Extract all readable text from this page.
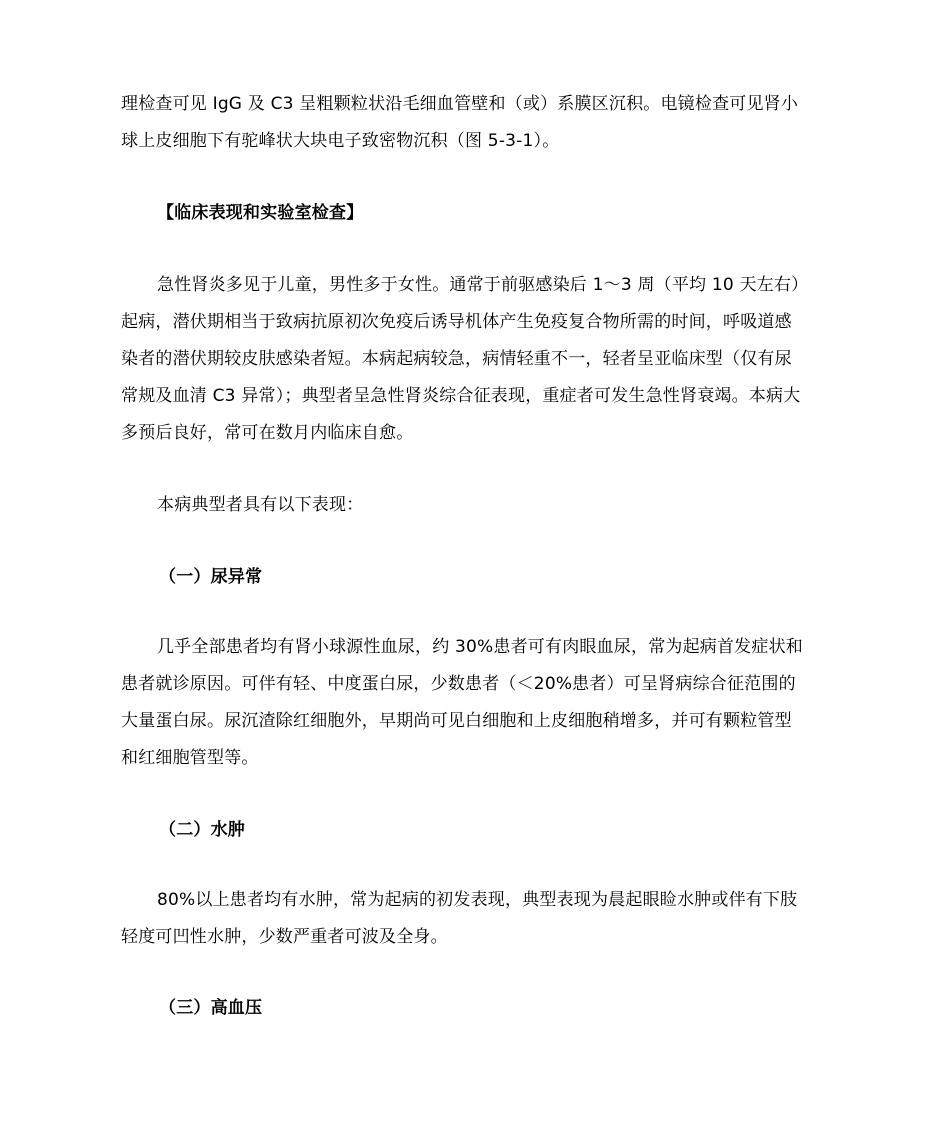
理检查可见 IgG 及 C3 呈粗颗粒状沿毛细血管壁和（或）系膜区沉积。电镜检查可见肾小
球上皮细胞下有驼峰状大块电子致密物沉积（图 5-3-1）。
【临床表现和实验室检查】
急性肾炎多见于儿童，男性多于女性。通常于前驱感染后 1～3 周（平均 10 天左右）
起病，潜伏期相当于致病抗原初次免疫后诱导机体产生免疫复合物所需的时间，呼吸道感
染者的潜伏期较皮肤感染者短。本病起病较急，病情轻重不一，轻者呈亚临床型（仅有尿
常规及血清 C3 异常）；典型者呈急性肾炎综合征表现，重症者可发生急性肾衰竭。本病大
多预后良好，常可在数月内临床自愈。
本病典型者具有以下表现：
（一）尿异常
几乎全部患者均有肾小球源性血尿，约 30%患者可有肉眼血尿，常为起病首发症状和
患者就诊原因。可伴有轻、中度蛋白尿，少数患者（＜20%患者）可呈肾病综合征范围的
大量蛋白尿。尿沉渣除红细胞外，早期尚可见白细胞和上皮细胞稍增多，并可有颗粒管型
和红细胞管型等。
（二）水肿
80%以上患者均有水肿，常为起病的初发表现，典型表现为晨起眼睑水肿或伴有下肢
轻度可凹性水肿，少数严重者可波及全身。
（三）高血压
